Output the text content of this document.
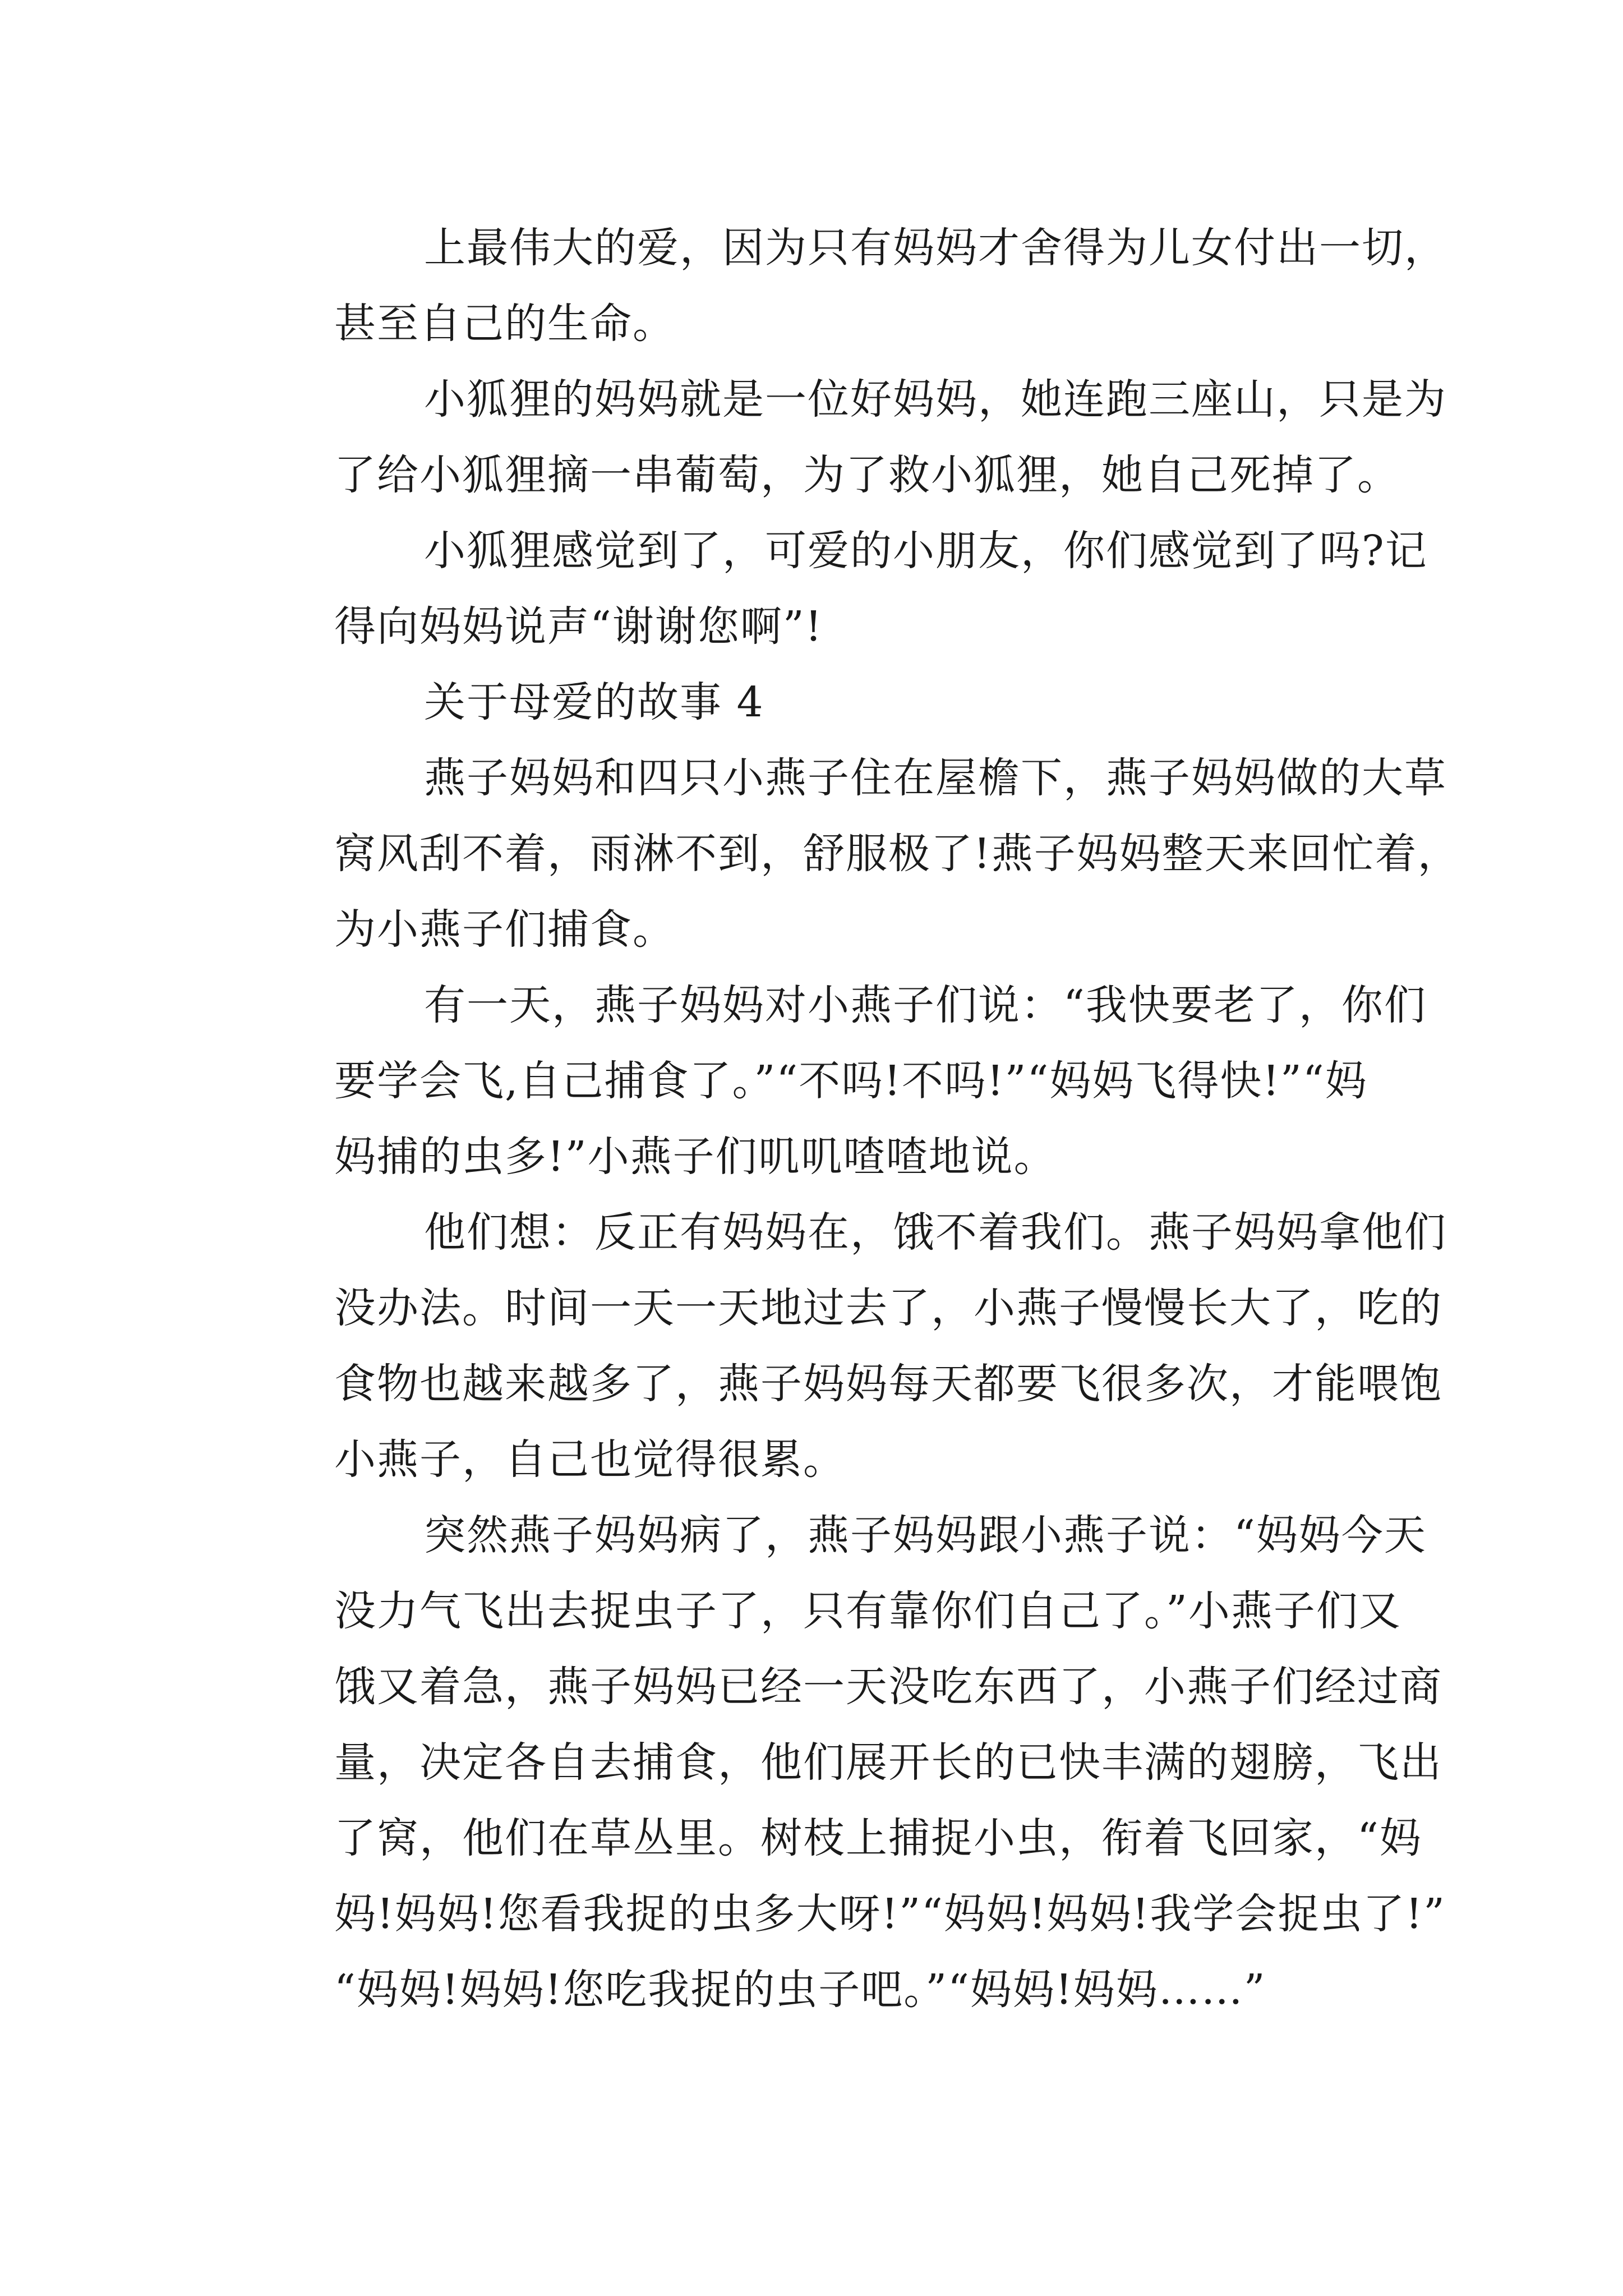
上最伟大的爱，因为只有妈妈才舍得为儿女付出一切，
甚至自己的生命。
小狐狸的妈妈就是一位好妈妈，她连跑三座山，只是为
了给小狐狸摘一串葡萄，为了救小狐狸，她自己死掉了。
小狐狸感觉到了，可爱的小朋友，你们感觉到了吗?记
得向妈妈说声“谢谢您啊”!
关于母爱的故事 4
燕子妈妈和四只小燕子住在屋檐下，燕子妈妈做的大草
窝风刮不着，雨淋不到，舒服极了!燕子妈妈整天来回忙着，
为小燕子们捕食。
有一天，燕子妈妈对小燕子们说：“我快要老了，你们
要学会飞,自己捕食了。”“不吗!不吗!”“妈妈飞得快!”“妈
妈捕的虫多!”小燕子们叽叽喳喳地说。
他们想：反正有妈妈在，饿不着我们。燕子妈妈拿他们
没办法。时间一天一天地过去了，小燕子慢慢长大了，吃的
食物也越来越多了，燕子妈妈每天都要飞很多次，才能喂饱
小燕子，自己也觉得很累。
突然燕子妈妈病了，燕子妈妈跟小燕子说：“妈妈今天
没力气飞出去捉虫子了，只有靠你们自己了。”小燕子们又
饿又着急，燕子妈妈已经一天没吃东西了，小燕子们经过商
量，决定各自去捕食，他们展开长的已快丰满的翅膀，飞出
了窝，他们在草丛里。树枝上捕捉小虫，衔着飞回家，“妈
妈!妈妈!您看我捉的虫多大呀!”“妈妈!妈妈!我学会捉虫了!”
“妈妈!妈妈!您吃我捉的虫子吧。”“妈妈!妈妈……”
